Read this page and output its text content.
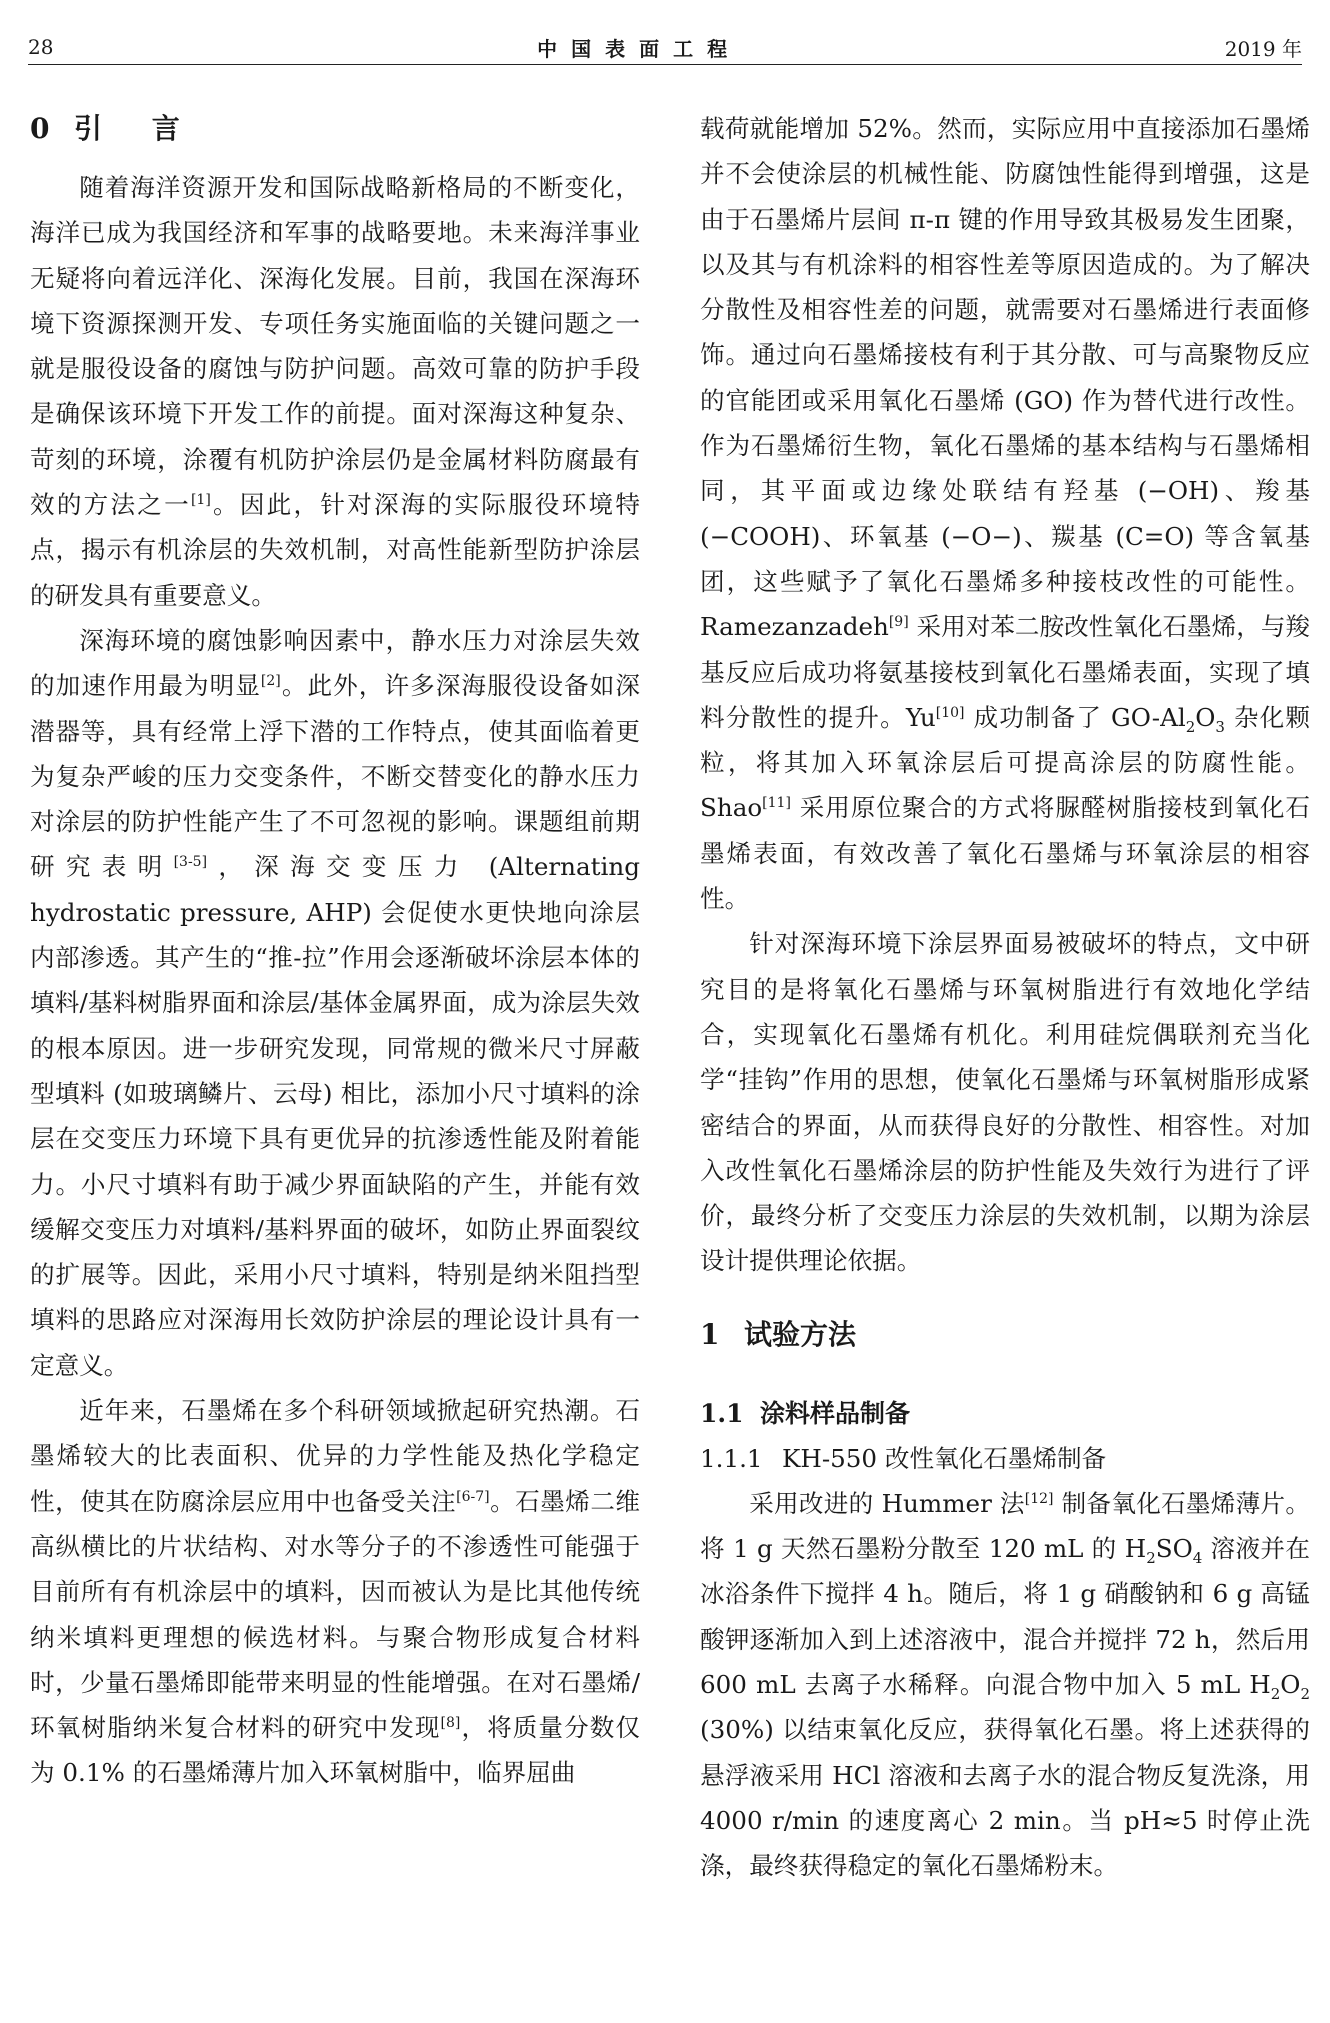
28	中国表面工程	2019 年
0 引 言

随着海洋资源开发和国际战略新格局的不断变化，海洋已成为我国经济和军事的战略要地。未来海洋事业无疑将向着远洋化、深海化发展。目前，我国在深海环境下资源探测开发、专项任务实施面临的关键问题之一就是服役设备的腐蚀与防护问题。高效可靠的防护手段是确保该环境下开发工作的前提。面对深海这种复杂、苛刻的环境，涂覆有机防护涂层仍是金属材料防腐最有效的方法之一[1]。因此，针对深海的实际服役环境特点，揭示有机涂层的失效机制，对高性能新型防护涂层的研发具有重要意义。

深海环境的腐蚀影响因素中，静水压力对涂层失效的加速作用最为明显[2]。此外，许多深海服役设备如深潜器等，具有经常上浮下潜的工作特点，使其面临着更为复杂严峻的压力交变条件，不断交替变化的静水压力对涂层的防护性能产生了不可忽视的影响。课题组前期研究表明[3-5]，深海交变压力 (Alternating hydrostatic pressure, AHP) 会促使水更快地向涂层内部渗透。其产生的“推-拉”作用会逐渐破坏涂层本体的填料/基料树脂界面和涂层/基体金属界面，成为涂层失效的根本原因。进一步研究发现，同常规的微米尺寸屏蔽型填料 (如玻璃鳞片、云母) 相比，添加小尺寸填料的涂层在交变压力环境下具有更优异的抗渗透性能及附着能力。小尺寸填料有助于减少界面缺陷的产生，并能有效缓解交变压力对填料/基料界面的破坏，如防止界面裂纹的扩展等。因此，采用小尺寸填料，特别是纳米阻挡型填料的思路应对深海用长效防护涂层的理论设计具有一定意义。

近年来，石墨烯在多个科研领域掀起研究热潮。石墨烯较大的比表面积、优异的力学性能及热化学稳定性，使其在防腐涂层应用中也备受关注[6-7]。石墨烯二维高纵横比的片状结构、对水等分子的不渗透性可能强于目前所有有机涂层中的填料，因而被认为是比其他传统纳米填料更理想的候选材料。与聚合物形成复合材料时，少量石墨烯即能带来明显的性能增强。在对石墨烯/环氧树脂纳米复合材料的研究中发现[8]，将质量分数仅为 0.1% 的石墨烯薄片加入环氧树脂中，临界屈曲

载荷就能增加 52%。然而，实际应用中直接添加石墨烯并不会使涂层的机械性能、防腐蚀性能得到增强，这是由于石墨烯片层间 π-π 键的作用导致其极易发生团聚，以及其与有机涂料的相容性差等原因造成的。为了解决分散性及相容性差的问题，就需要对石墨烯进行表面修饰。通过向石墨烯接枝有利于其分散、可与高聚物反应的官能团或采用氧化石墨烯 (GO) 作为替代进行改性。作为石墨烯衍生物，氧化石墨烯的基本结构与石墨烯相同，其平面或边缘处联结有羟基 (−OH)、羧基 (−COOH)、环氧基 (−O−)、羰基 (C=O) 等含氧基团，这些赋予了氧化石墨烯多种接枝改性的可能性。Ramezanzadeh[9] 采用对苯二胺改性氧化石墨烯，与羧基反应后成功将氨基接枝到氧化石墨烯表面，实现了填料分散性的提升。Yu[10] 成功制备了 $GO-Al_2O_3$ 杂化颗粒，将其加入环氧涂层后可提高涂层的防腐性能。Shao[11] 采用原位聚合的方式将脲醛树脂接枝到氧化石墨烯表面，有效改善了氧化石墨烯与环氧涂层的相容性。

针对深海环境下涂层界面易被破坏的特点，文中研究目的是将氧化石墨烯与环氧树脂进行有效地化学结合，实现氧化石墨烯有机化。利用硅烷偶联剂充当化学“挂钩”作用的思想，使氧化石墨烯与环氧树脂形成紧密结合的界面，从而获得良好的分散性、相容性。对加入改性氧化石墨烯涂层的防护性能及失效行为进行了评价，最终分析了交变压力涂层的失效机制，以期为涂层设计提供理论依据。

1 试验方法
1.1 涂料样品制备
1.1.1 KH-550 改性氧化石墨烯制备

采用改进的 Hummer 法[12] 制备氧化石墨烯薄片。将 1 g 天然石墨粉分散至 120 mL 的 $H_2SO_4$ 溶液并在冰浴条件下搅拌 4 h。随后，将 1 g 硝酸钠和 6 g 高锰酸钾逐渐加入到上述溶液中，混合并搅拌 72 h，然后用 600 mL 去离子水稀释。向混合物中加入 5 mL $H_2O_2$ (30%) 以结束氧化反应，获得氧化石墨。将上述获得的悬浮液采用 HCl 溶液和去离子水的混合物反复洗涤，用 4000 r/min 的速度离心 2 min。当 pH≈5 时停止洗涤，最终获得稳定的氧化石墨烯粉末。
